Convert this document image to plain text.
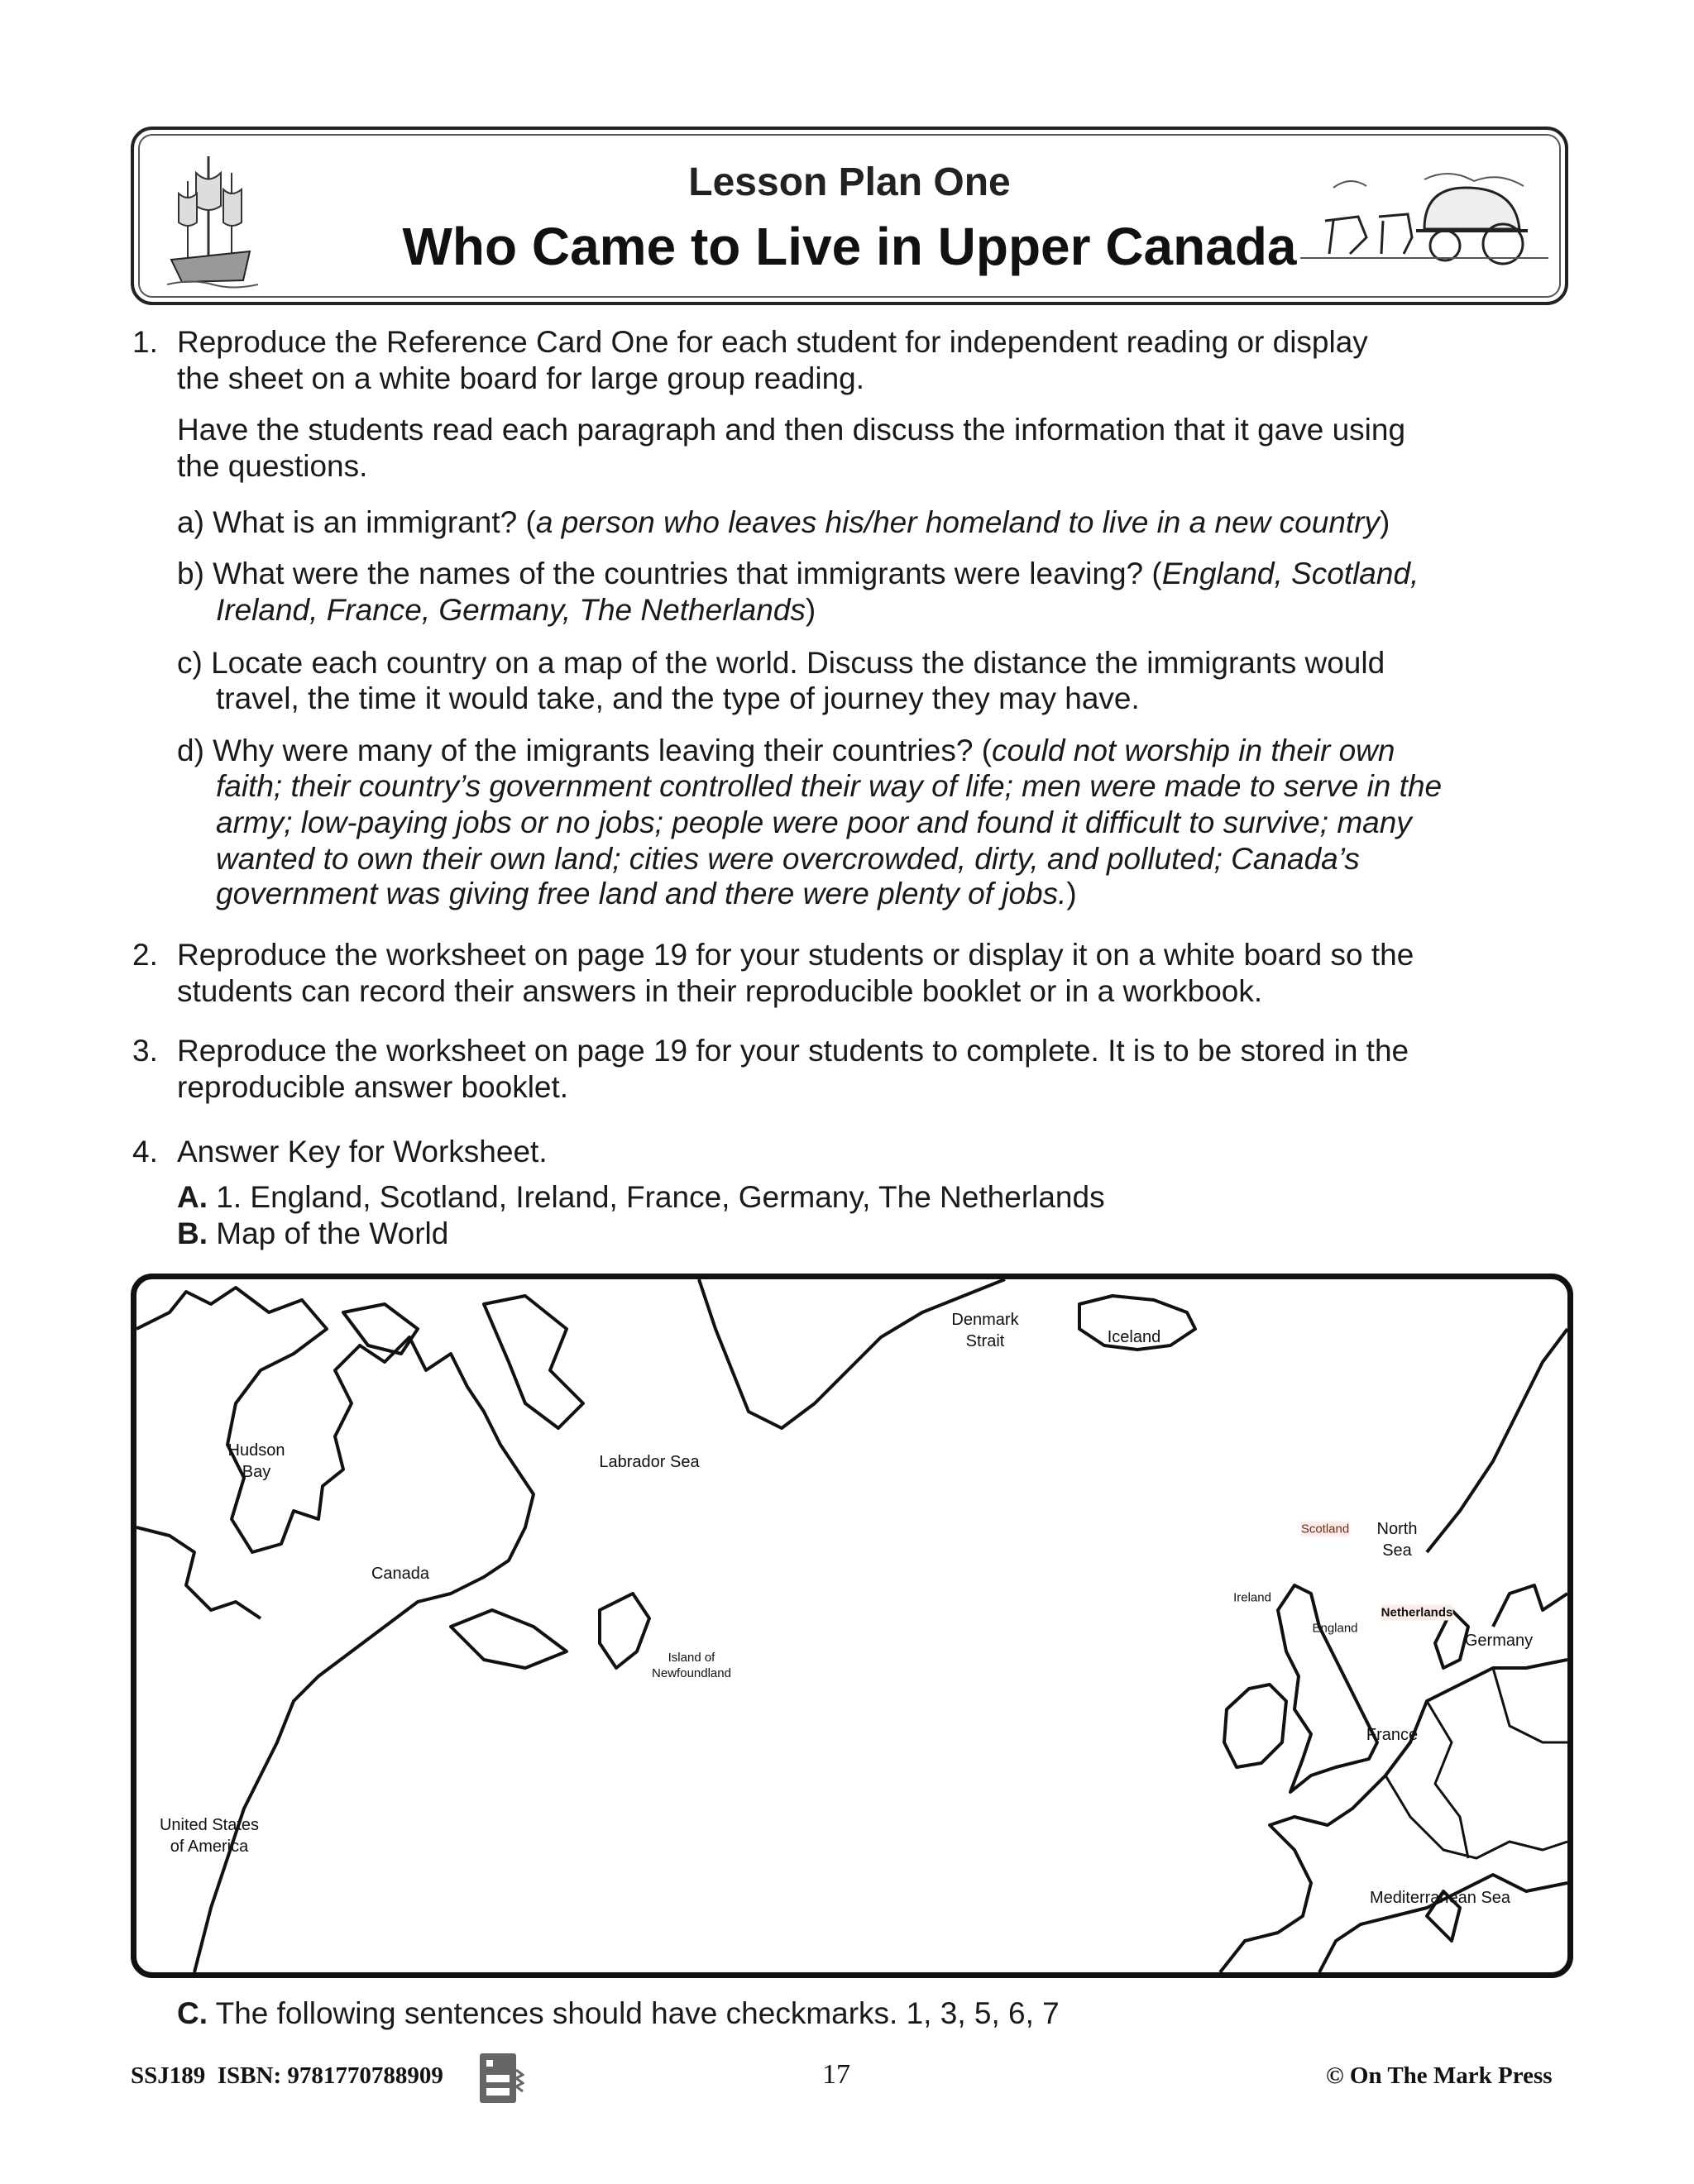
Lesson Plan One
Who Came to Live in Upper Canada
1. Reproduce the Reference Card One for each student for independent reading or display
the sheet on a white board for large group reading.
Have the students read each paragraph and then discuss the information that it gave using
the questions.
a) What is an immigrant? (a person who leaves his/her homeland to live in a new country)
b) What were the names of the countries that immigrants were leaving? (England, Scotland,
Ireland, France, Germany, The Netherlands)
c) Locate each country on a map of the world. Discuss the distance the immigrants would
travel, the time it would take, and the type of journey they may have.
d) Why were many of the imigrants leaving their countries? (could not worship in their own
faith; their country’s government controlled their way of life; men were made to serve in the
army; low-paying jobs or no jobs; people were poor and found it difficult to survive; many
wanted to own their own land; cities were overcrowded, dirty, and polluted; Canada’s
government was giving free land and there were plenty of jobs.)
2. Reproduce the worksheet on page 19 for your students or display it on a white board so the
students can record their answers in their reproducible booklet or in a workbook.
3. Reproduce the worksheet on page 19 for your students to complete. It is to be stored in the
reproducible answer booklet.
4. Answer Key for Worksheet.
A. 1. England, Scotland, Ireland, France, Germany, The Netherlands
B. Map of the World
Denmark
Strait	Iceland
Hudson
Bay
Labrador Sea
Canada
Island of
Newfoundland
United States
of America
Scotland North
Sea
Ireland
England
Netherlands
Germany
France
Mediterranean Sea
C. The following sentences should have checkmarks. 1, 3, 5, 6, 7
SSJ189 ISBN: 9781770788909	17	© On The Mark Press
